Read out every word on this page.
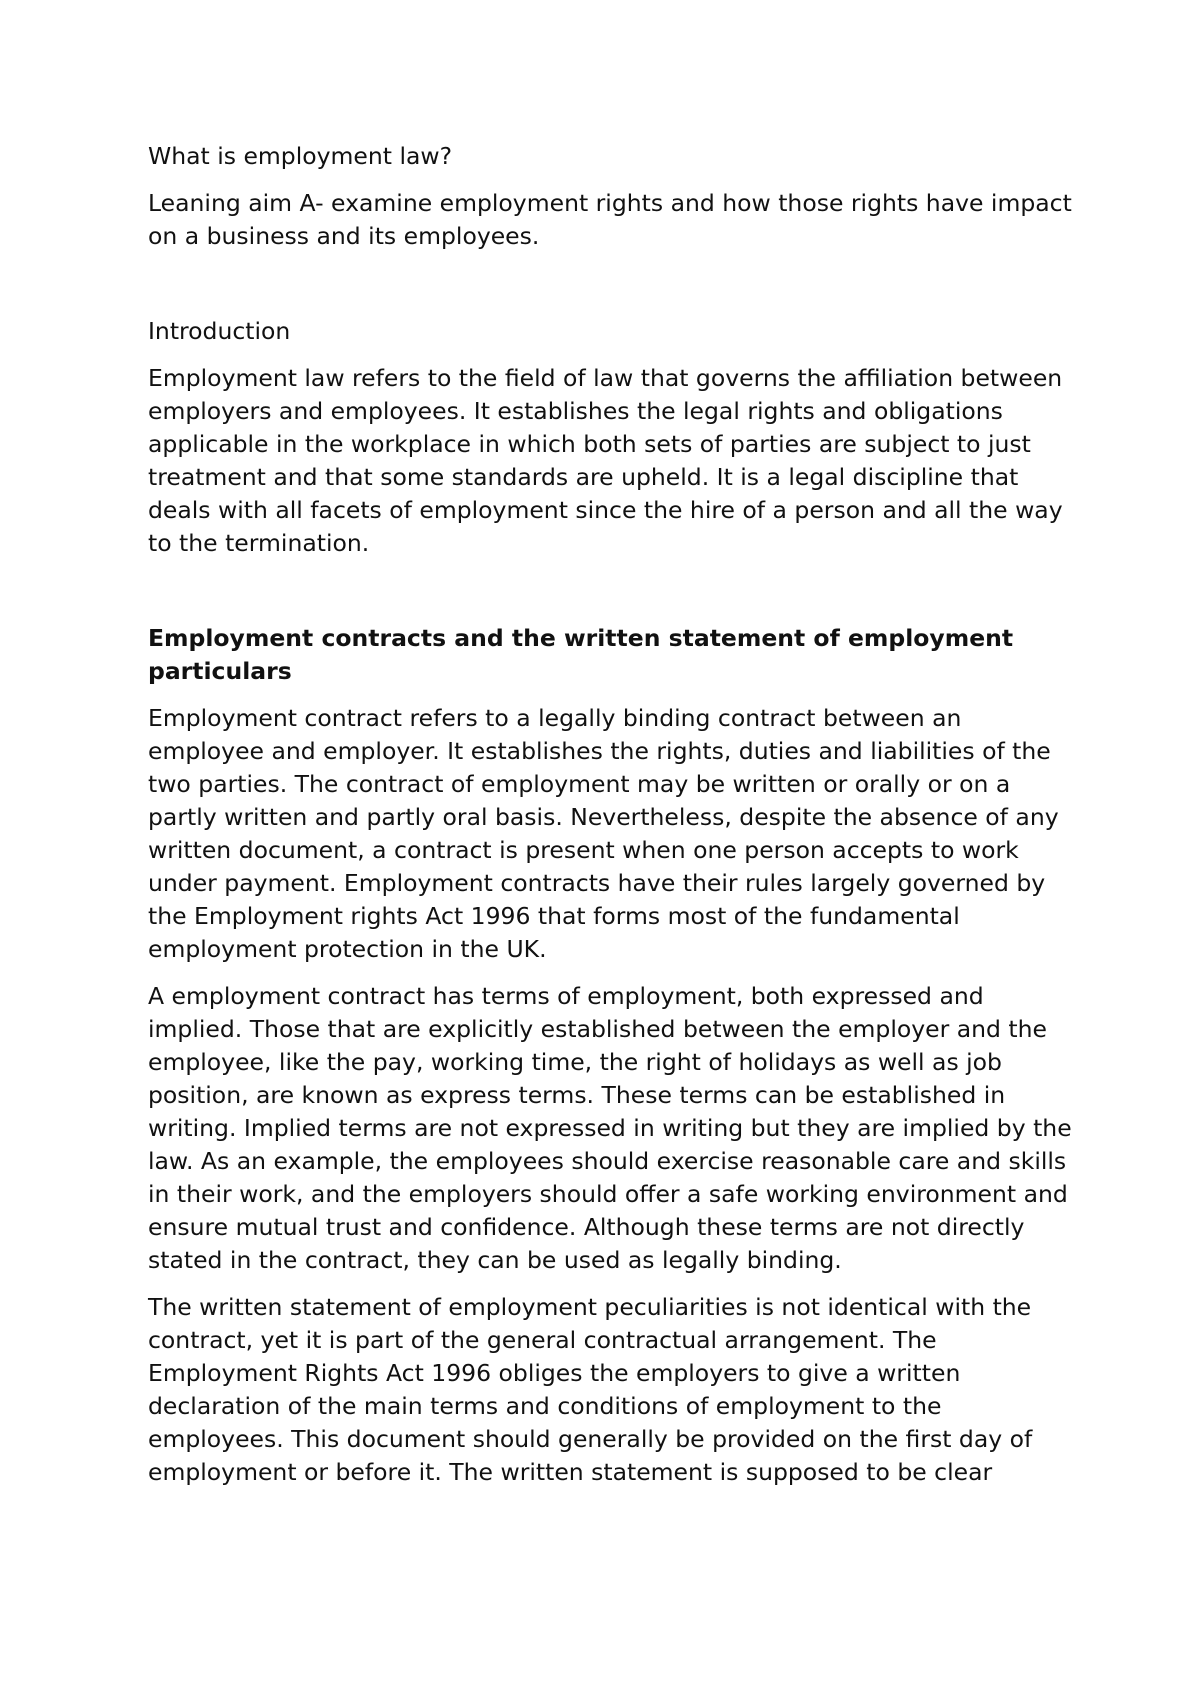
What is employment law?

Leaning aim A- examine employment rights and how those rights have impact on a business and its employees.

Introduction

Employment law refers to the field of law that governs the affiliation between employers and employees. It establishes the legal rights and obligations applicable in the workplace in which both sets of parties are subject to just treatment and that some standards are upheld. It is a legal discipline that deals with all facets of employment since the hire of a person and all the way to the termination.

Employment contracts and the written statement of employment particulars

Employment contract refers to a legally binding contract between an employee and employer. It establishes the rights, duties and liabilities of the two parties. The contract of employment may be written or orally or on a partly written and partly oral basis. Nevertheless, despite the absence of any written document, a contract is present when one person accepts to work under payment. Employment contracts have their rules largely governed by the Employment rights Act 1996 that forms most of the fundamental employment protection in the UK.

A employment contract has terms of employment, both expressed and implied. Those that are explicitly established between the employer and the employee, like the pay, working time, the right of holidays as well as job position, are known as express terms. These terms can be established in writing. Implied terms are not expressed in writing but they are implied by the law. As an example, the employees should exercise reasonable care and skills in their work, and the employers should offer a safe working environment and ensure mutual trust and confidence. Although these terms are not directly stated in the contract, they can be used as legally binding.

The written statement of employment peculiarities is not identical with the contract, yet it is part of the general contractual arrangement. The Employment Rights Act 1996 obliges the employers to give a written declaration of the main terms and conditions of employment to the employees. This document should generally be provided on the first day of employment or before it. The written statement is supposed to be clear
